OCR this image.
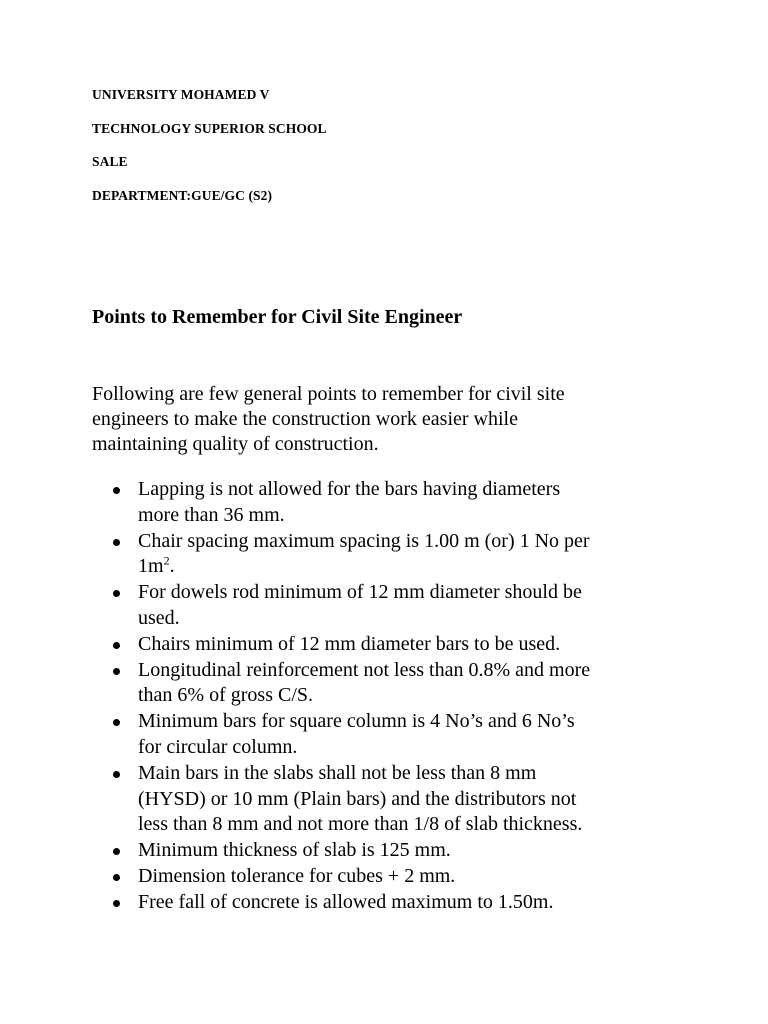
UNIVERSITY MOHAMED V
TECHNOLOGY SUPERIOR SCHOOL
SALE
DEPARTMENT:GUE/GC (S2)
Points to Remember for Civil Site Engineer
Following are few general points to remember for civil site
engineers to make the construction work easier while
maintaining quality of construction.
Lapping is not allowed for the bars having diameters
more than 36 mm.
Chair spacing maximum spacing is 1.00 m (or) 1 No per
$1m^2$.
For dowels rod minimum of 12 mm diameter should be
used.
Chairs minimum of 12 mm diameter bars to be used.
Longitudinal reinforcement not less than 0.8% and more
than 6% of gross C/S.
Minimum bars for square column is 4 No’s and 6 No’s
for circular column.
Main bars in the slabs shall not be less than 8 mm
(HYSD) or 10 mm (Plain bars) and the distributors not
less than 8 mm and not more than 1/8 of slab thickness.
Minimum thickness of slab is 125 mm.
Dimension tolerance for cubes + 2 mm.
Free fall of concrete is allowed maximum to 1.50m.
